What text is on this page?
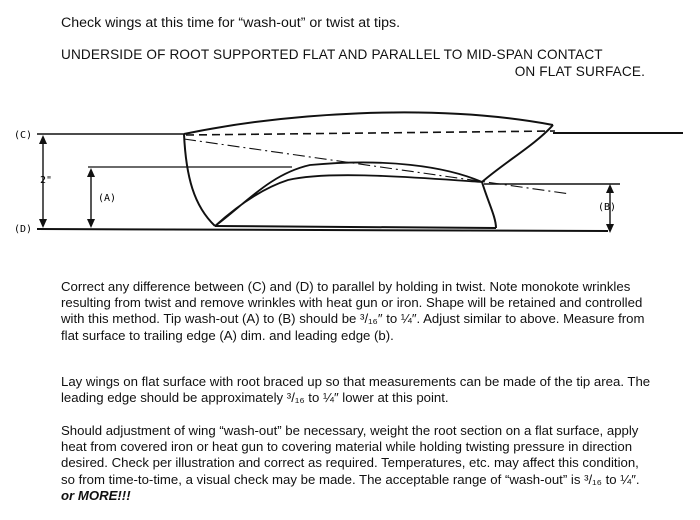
Check wings at this time for “wash-out” or twist at tips.
UNDERSIDE OF ROOT SUPPORTED FLAT AND PARALLEL TO MID-SPAN CONTACT
ON FLAT SURFACE.
(C)
(D)
2"
(A)
(B)
Correct any difference between (C) and (D) to parallel by holding in twist. Note monokote wrinkles resulting from twist and remove wrinkles with heat gun or iron. Shape will be retained and controlled with this method. Tip wash-out (A) to (B) should be ³/₁₆″ to ¼″. Adjust similar to above. Measure from flat surface to trailing edge (A) dim. and leading edge (b).
Lay wings on flat surface with root braced up so that measurements can be made of the tip area. The leading edge should be approximately ³/₁₆ to ¼″ lower at this point.
Should adjustment of wing “wash-out” be necessary, weight the root section on a flat surface, apply heat from covered iron or heat gun to covering material while holding twisting pressure in direction desired. Check per illustration and correct as required. Temperatures, etc. may affect this condition, so from time-to-time, a visual check may be made. The acceptable range of “wash-out” is ³/₁₆ to ¼″. or MORE!!!
